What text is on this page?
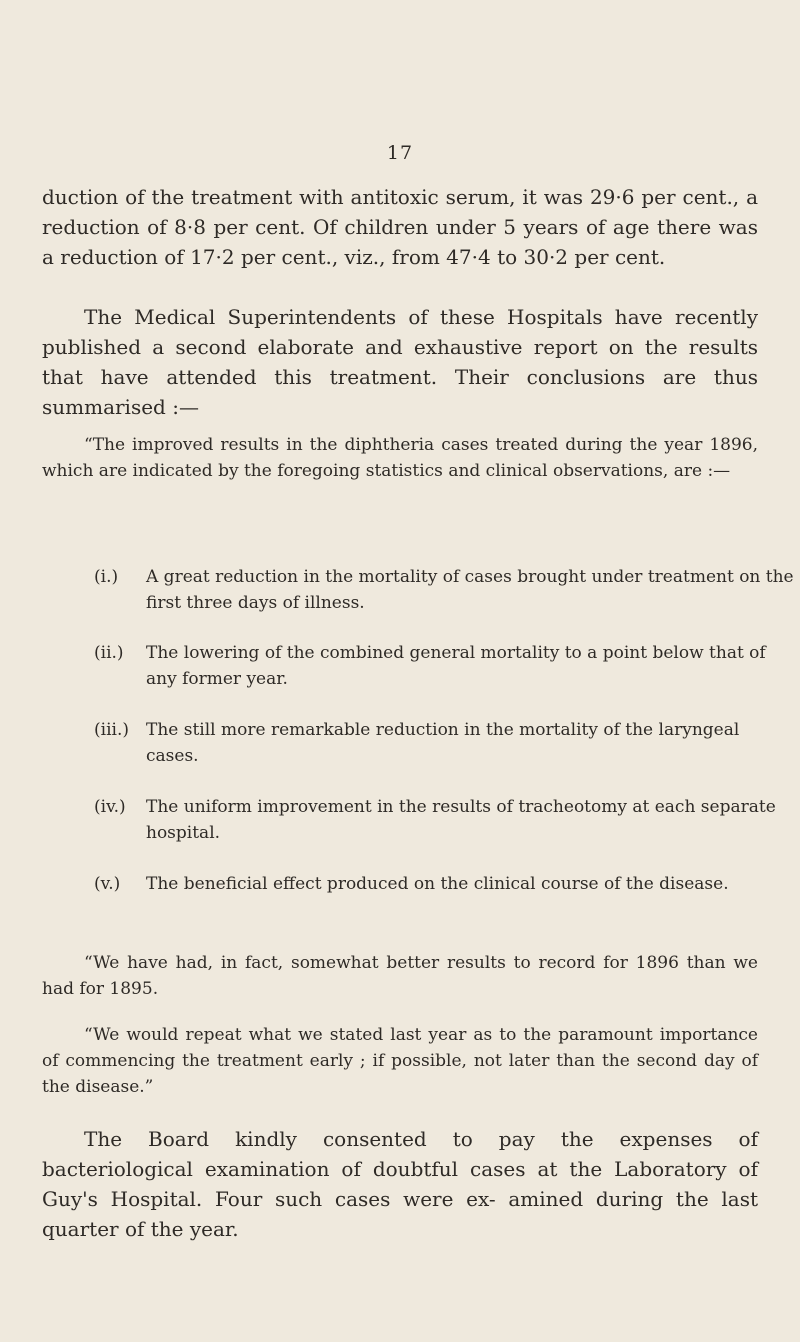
17

duction of the treatment with antitoxic serum, it was 29·6 per cent., a reduction of 8·8 per cent. Of children under 5 years of age there was a reduction of 17·2 per cent., viz., from 47·4 to 30·2 per cent.

The Medical Superintendents of these Hospitals have recently published a second elaborate and exhaustive report on the results that have attended this treatment. Their conclusions are thus summarised :—

“The improved results in the diphtheria cases treated during the year 1896, which are indicated by the foregoing statistics and clinical observations, are :—

(i.) A great reduction in the mortality of cases brought under treatment on the first three days of illness.

(ii.) The lowering of the combined general mortality to a point below that of any former year.

(iii.) The still more remarkable reduction in the mortality of the laryngeal cases.

(iv.) The uniform improvement in the results of tracheotomy at each separate hospital.

(v.) The beneficial effect produced on the clinical course of the disease.

“We have had, in fact, somewhat better results to record for 1896 than we had for 1895.

“We would repeat what we stated last year as to the paramount importance of commencing the treatment early ; if possible, not later than the second day of the disease.”

The Board kindly consented to pay the expenses of bacteriological examination of doubtful cases at the Laboratory of Guy's Hospital. Four such cases were ex- amined during the last quarter of the year.
